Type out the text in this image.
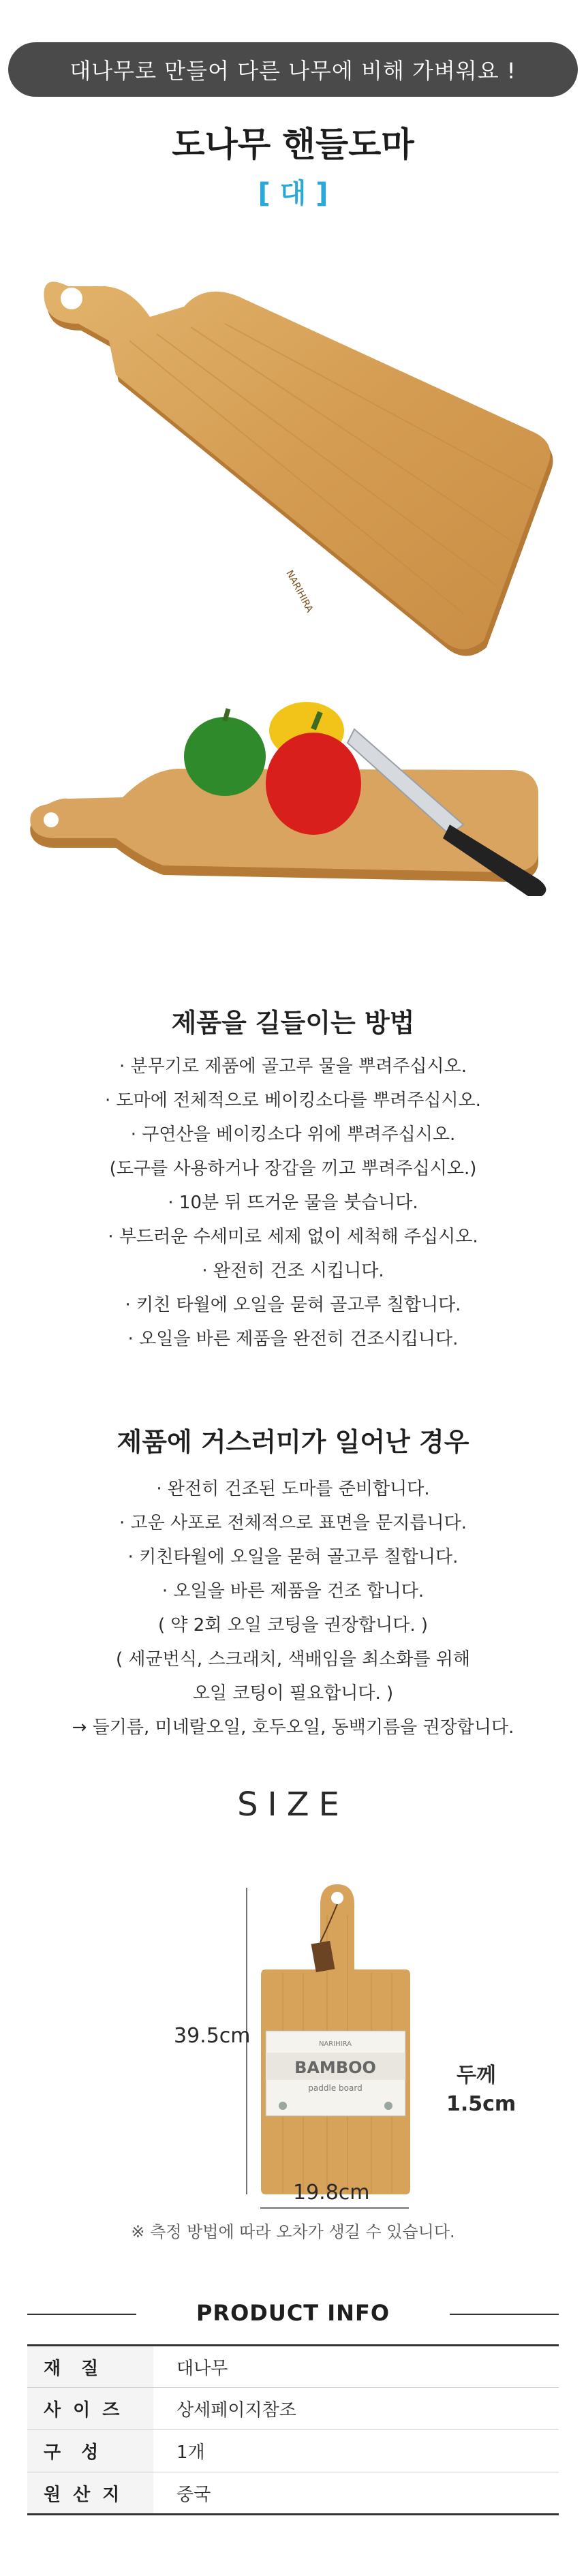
대나무로 만들어 다른 나무에 비해 가벼워요 !
도나무 핸들도마
[ 대 ]
NARIHIRA
제품을 길들이는 방법
· 분무기로 제품에 골고루 물을 뿌려주십시오.
· 도마에 전체적으로 베이킹소다를 뿌려주십시오.
· 구연산을 베이킹소다 위에 뿌려주십시오.
(도구를 사용하거나 장갑을 끼고 뿌려주십시오.)
· 10분 뒤 뜨거운 물을 붓습니다.
· 부드러운 수세미로 세제 없이 세척해 주십시오.
· 완전히 건조 시킵니다.
· 키친 타월에 오일을 묻혀 골고루 칠합니다.
· 오일을 바른 제품을 완전히 건조시킵니다.
제품에 거스러미가 일어난 경우
· 완전히 건조된 도마를 준비합니다.
· 고운 사포로 전체적으로 표면을 문지릅니다.
· 키친타월에 오일을 묻혀 골고루 칠합니다.
· 오일을 바른 제품을 건조 합니다.
( 약 2회 오일 코팅을 권장합니다. )
( 세균번식, 스크래치, 색배임을 최소화를 위해
오일 코팅이 필요합니다. )
→ 들기름, 미네랄오일, 호두오일, 동백기름을 권장합니다.
SIZE
NARIHIRA
BAMBOO
paddle board
39.5cm
19.8cm
두께
1.5cm
※ 측정 방법에 따라 오차가 생길 수 있습니다.
PRODUCT INFO
재질	대나무
사이즈	상세페이지참조
구성	1개
원산지	중국
